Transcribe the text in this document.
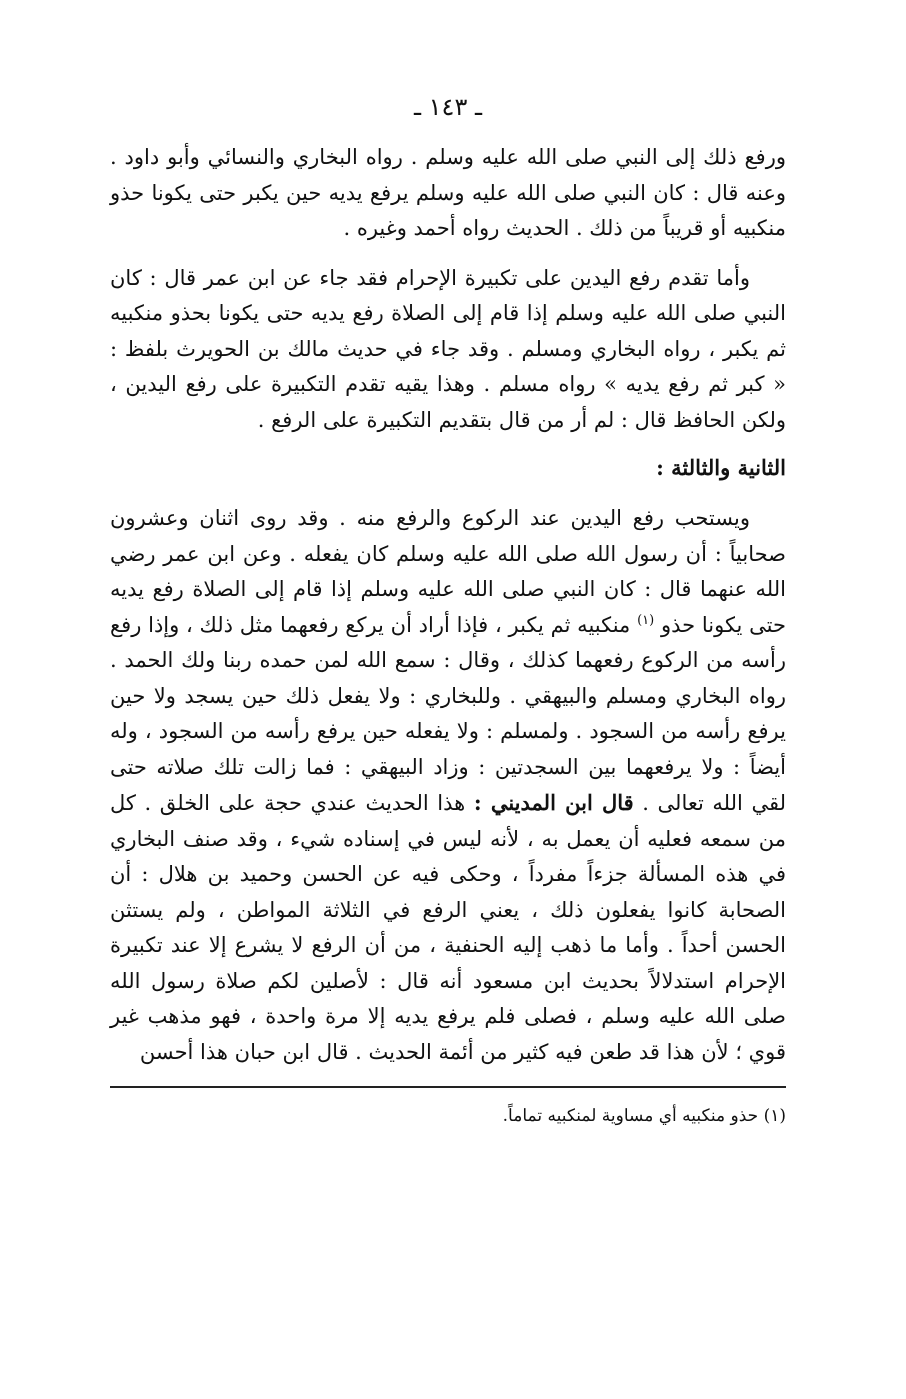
ـ ١٤٣ ـ

ورفع ذلك إلى النبي صلى الله عليه وسلم . رواه البخاري والنسائي وأبو داود . وعنه قال : كان النبي صلى الله عليه وسلم يرفع يديه حين يكبر حتى يكونا حذو منكبيه أو قريباً من ذلك . الحديث رواه أحمد وغيره .

وأما تقدم رفع اليدين على تكبيرة الإحرام فقد جاء عن ابن عمر قال : كان النبي صلى الله عليه وسلم إذا قام إلى الصلاة رفع يديه حتى يكونا بحذو منكبيه ثم يكبر ، رواه البخاري ومسلم . وقد جاء في حديث مالك بن الحويرث بلفظ : « كبر ثم رفع يديه » رواه مسلم . وهذا يقيه تقدم التكبيرة على رفع اليدين ، ولكن الحافظ قال : لم أر من قال بتقديم التكبيرة على الرفع .

الثانية والثالثة :

ويستحب رفع اليدين عند الركوع والرفع منه . وقد روى اثنان وعشرون صحابياً : أن رسول الله صلى الله عليه وسلم كان يفعله . وعن ابن عمر رضي الله عنهما قال : كان النبي صلى الله عليه وسلم إذا قام إلى الصلاة رفع يديه حتى يكونا حذو $^{(١)}$ منكبيه ثم يكبر ، فإذا أراد أن يركع رفعهما مثل ذلك ، وإذا رفع رأسه من الركوع رفعهما كذلك ، وقال : سمع الله لمن حمده ربنا ولك الحمد . رواه البخاري ومسلم والبيهقي . وللبخاري : ولا يفعل ذلك حين يسجد ولا حين يرفع رأسه من السجود . ولمسلم : ولا يفعله حين يرفع رأسه من السجود ، وله أيضاً : ولا يرفعهما بين السجدتين : وزاد البيهقي : فما زالت تلك صلاته حتى لقي الله تعالى . قال ابن المديني : هذا الحديث عندي حجة على الخلق . كل من سمعه فعليه أن يعمل به ، لأنه ليس في إسناده شيء ، وقد صنف البخاري في هذه المسألة جزءاً مفرداً ، وحكى فيه عن الحسن وحميد بن هلال : أن الصحابة كانوا يفعلون ذلك ، يعني الرفع في الثلاثة المواطن ، ولم يستثن الحسن أحداً . وأما ما ذهب إليه الحنفية ، من أن الرفع لا يشرع إلا عند تكبيرة الإحرام استدلالاً بحديث ابن مسعود أنه قال : لأصلين لكم صلاة رسول الله صلى الله عليه وسلم ، فصلى فلم يرفع يديه إلا مرة واحدة ، فهو مذهب غير قوي ؛ لأن هذا قد طعن فيه كثير من أئمة الحديث . قال ابن حبان هذا أحسن

(١) حذو منكبيه أي مساوية لمنكبيه تماماً.
